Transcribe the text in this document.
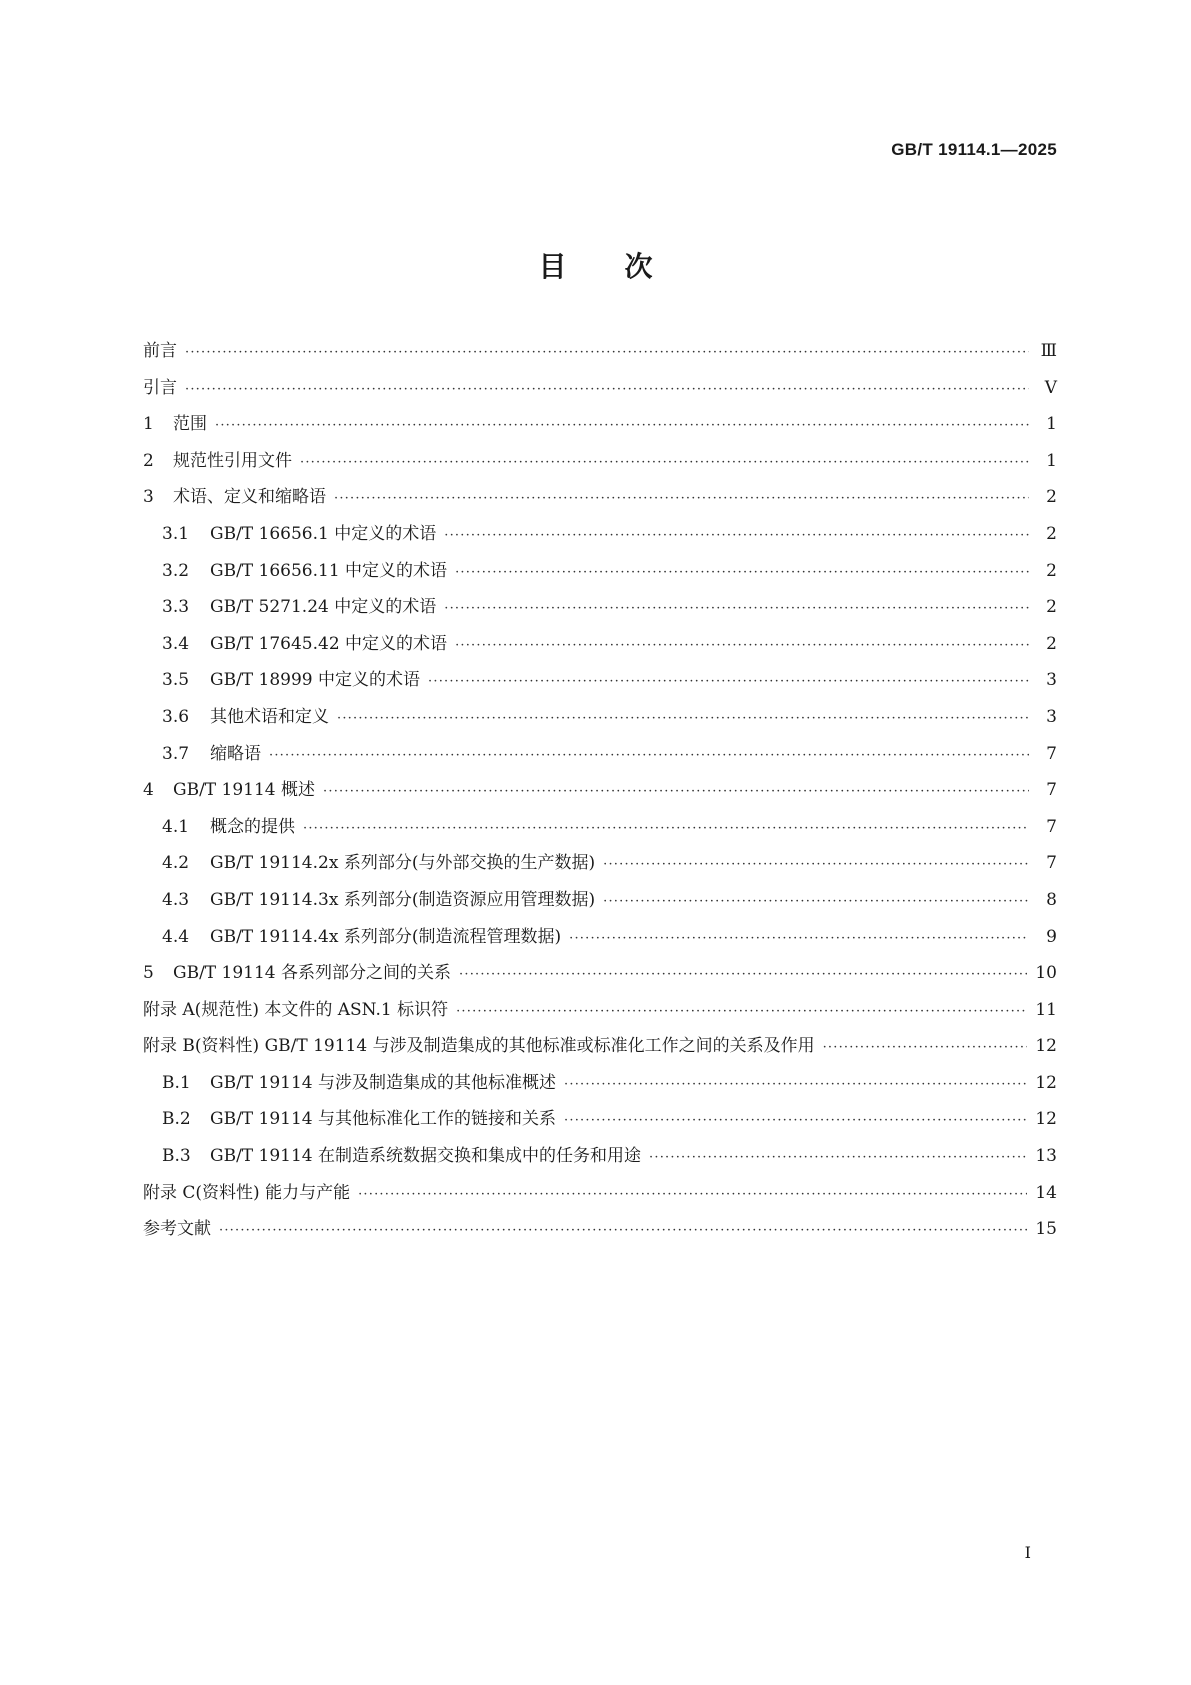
GB/T 19114.1—2025
目次
前言 ·····	Ⅲ
引言 ·····	Ⅴ
1 范围 ·····	1
2 规范性引用文件 ·····	1
3 术语、定义和缩略语 ·····	2
3.1 GB/T 16656.1 中定义的术语 ·····	2
3.2 GB/T 16656.11 中定义的术语 ·····	2
3.3 GB/T 5271.24 中定义的术语 ·····	2
3.4 GB/T 17645.42 中定义的术语 ·····	2
3.5 GB/T 18999 中定义的术语 ·····	3
3.6 其他术语和定义 ·····	3
3.7 缩略语 ·····	7
4 GB/T 19114 概述 ·····	7
4.1 概念的提供 ·····	7
4.2 GB/T 19114.2x 系列部分(与外部交换的生产数据) ·····	7
4.3 GB/T 19114.3x 系列部分(制造资源应用管理数据) ·····	8
4.4 GB/T 19114.4x 系列部分(制造流程管理数据) ·····	9
5 GB/T 19114 各系列部分之间的关系 ·····	10
附录 A(规范性) 本文件的 ASN.1 标识符 ·····	11
附录 B(资料性) GB/T 19114 与涉及制造集成的其他标准或标准化工作之间的关系及作用 ·····	12
B.1 GB/T 19114 与涉及制造集成的其他标准概述 ·····	12
B.2 GB/T 19114 与其他标准化工作的链接和关系 ·····	12
B.3 GB/T 19114 在制造系统数据交换和集成中的任务和用途 ·····	13
附录 C(资料性) 能力与产能 ·····	14
参考文献 ·····	15
I
